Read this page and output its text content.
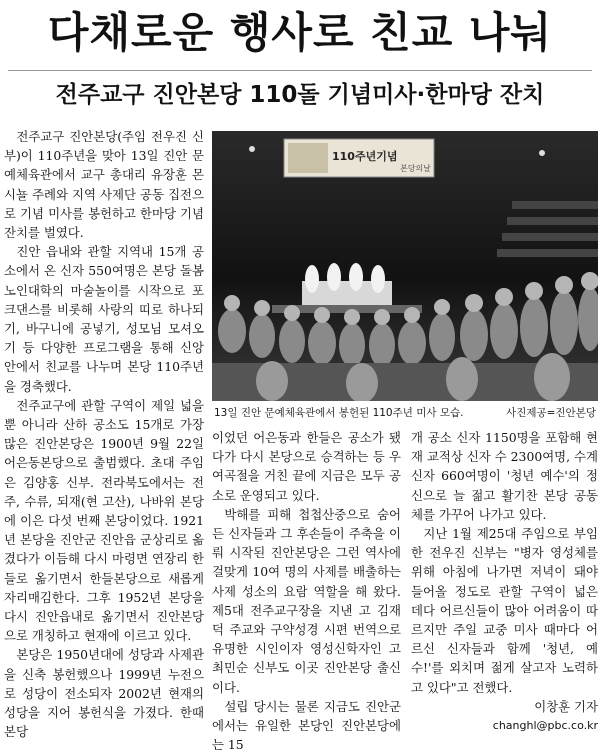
다채로운 행사로 친교 나눠
전주교구 진안본당 110돌 기념미사·한마당 잔치

전주교구 진안본당(주임 전우진 신부)이 110주년을 맞아 13일 진안 문예체육관에서 교구 총대리 유장훈 몬시뇰 주례와 지역 사제단 공동 집전으로 기념 미사를 봉헌하고 한마당 기념 잔치를 벌였다.

진안 읍내와 관할 지역내 15개 공소에서 온 신자 550여명은 본당 돌봄 노인대학의 마술놀이를 시작으로 포크댄스를 비롯해 사랑의 띠로 하나되기, 바구니에 공넣기, 성모님 모셔오기 등 다양한 프로그램을 통해 신앙 안에서 친교를 나누며 본당 110주년을 경축했다.

전주교구에 관할 구역이 제일 넓을 뿐 아니라 산하 공소도 15개로 가장 많은 진안본당은 1900년 9월 22일 어은동본당으로 출범했다. 초대 주임은 김양홍 신부. 전라북도에서는 전주, 수류, 되재(현 고산), 나바위 본당에 이은 다섯 번째 본당이었다. 1921년 본당을 진안군 진안읍 군상리로 옮겼다가 이듬해 다시 마령면 연장리 한들로 옮기면서 한들본당으로 새롭게 자리매김한다. 그후 1952년 본당을 다시 진안읍내로 옮기면서 진안본당으로 개칭하고 현재에 이르고 있다.

본당은 1950년대에 성당과 사제관을 신축 봉헌했으나 1999년 누전으로 성당이 전소되자 2002년 현재의 성당을 지어 봉헌식을 가졌다. 한때 본당

110주년기념
본당의날
13일 진안 문예체육관에서 봉헌된 110주년 미사 모습.	사진제공=진안본당

이었던 어은동과 한들은 공소가 됐다가 다시 본당으로 승격하는 등 우여곡절을 거친 끝에 지금은 모두 공소로 운영되고 있다.

박해를 피해 첩첩산중으로 숨어든 신자들과 그 후손들이 주축을 이뤄 시작된 진안본당은 그런 역사에 걸맞게 10여 명의 사제를 배출하는 사제 성소의 요람 역할을 해 왔다. 제5대 전주교구장을 지낸 고 김재덕 주교와 구약성경 시편 번역으로 유명한 시인이자 영성신학자인 고 최민순 신부도 이곳 진안본당 출신이다.

설립 당시는 물론 지금도 진안군에서는 유일한 본당인 진안본당에는 15

개 공소 신자 1150명을 포함해 현재 교적상 신자 수 2300여명, 수계신자 660여명이 '청년 예수'의 정신으로 늘 젊고 활기찬 본당 공동체를 가꾸어 나가고 있다.

지난 1월 제25대 주임으로 부임한 전우진 신부는 "병자 영성체를 위해 아침에 나가면 저녁이 돼야 들어올 정도로 관할 구역이 넓은 데다 어르신들이 많아 어려움이 따르지만 주일 교중 미사 때마다 어르신 신자들과 함께 '청년, 예수!'를 외치며 젊게 살고자 노력하고 있다"고 전했다.

이창훈 기자

changhl@pbc.co.kr
